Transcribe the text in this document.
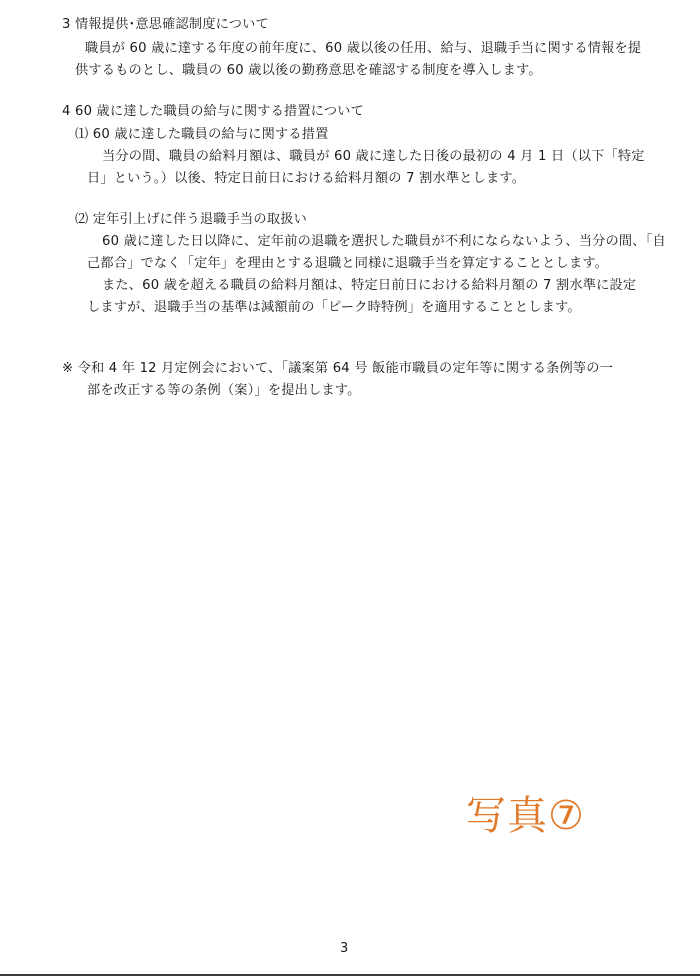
3 情報提供･意思確認制度について
職員が 60 歳に達する年度の前年度に、60 歳以後の任用、給与、退職手当に関する情報を提
供するものとし、職員の 60 歳以後の勤務意思を確認する制度を導入します。
4 60 歳に達した職員の給与に関する措置について
⑴ 60 歳に達した職員の給与に関する措置
当分の間、職員の給料月額は、職員が 60 歳に達した日後の最初の 4 月 1 日（以下「特定
日」という。）以後、特定日前日における給料月額の 7 割水準とします。
⑵ 定年引上げに伴う退職手当の取扱い
60 歳に達した日以降に、定年前の退職を選択した職員が不利にならないよう、当分の間、「自
己都合」でなく「定年」を理由とする退職と同様に退職手当を算定することとします。
また、60 歳を超える職員の給料月額は、特定日前日における給料月額の 7 割水準に設定
しますが、退職手当の基準は減額前の「ピーク時特例」を適用することとします。
※ 令和 4 年 12 月定例会において、「議案第 64 号 飯能市職員の定年等に関する条例等の一
部を改正する等の条例（案）」を提出します。
写真⑦
3
